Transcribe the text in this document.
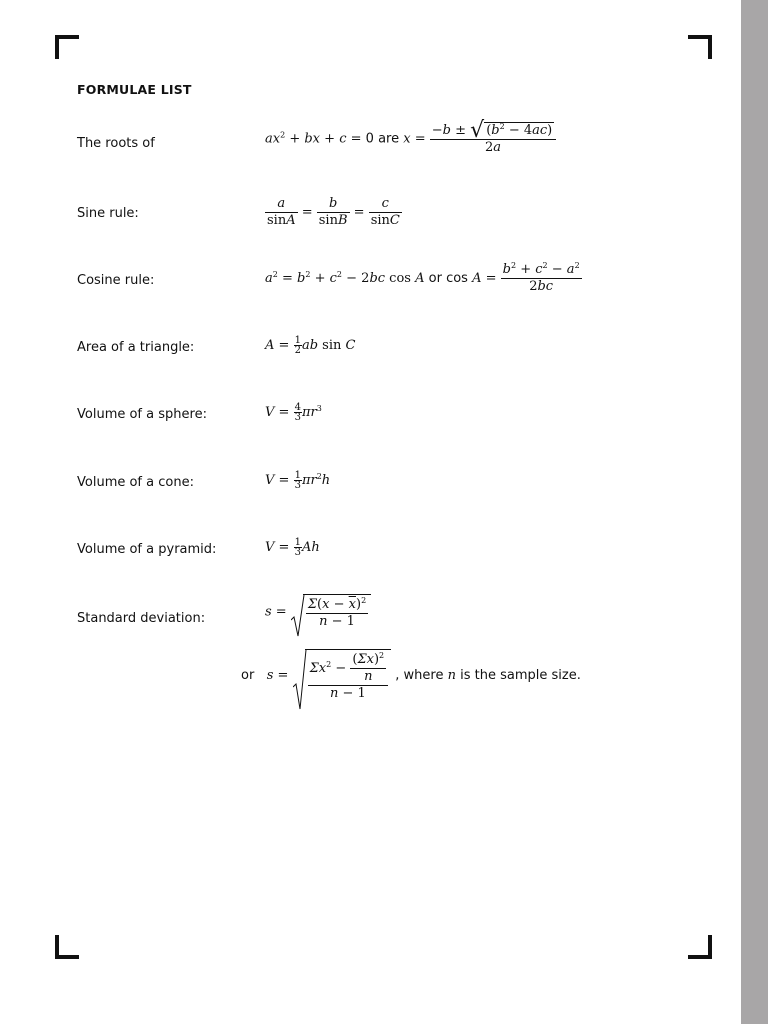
FORMULAE LIST
The roots of	$ax^2$ + bx + c = 0 are $x = \frac{-b \pm √ (b^2 - 4ac)}{2a}$
Sine rule:	$\frac{a}{\sin A} = \frac{b}{\sin B} = \frac{c}{\sin C}$
Cosine rule:	$a^2 = b^2 + c^2 - 2bc$ cos A or $\cos A = \frac{b^2 + c^2 - a^2}{2bc}$
Area of a triangle:	$A = \frac{1}{2}$ ab sin C
Volume of a sphere:	$V = \frac{4}{3} \pi r^3$
Volume of a cone:	$V = \frac{1}{3} \pi r^2h$
Volume of a pyramid:	$V = \frac{1}{3}$ Ah
Standard deviation:	$s = \frac{\Sigma(x - \overline{x})^2}{n - 1}$
or $s = \frac{\Sigma x^2 - \frac{(\Sigma x)^2}{n}}{n - 1}$ , where n is the sample size.
